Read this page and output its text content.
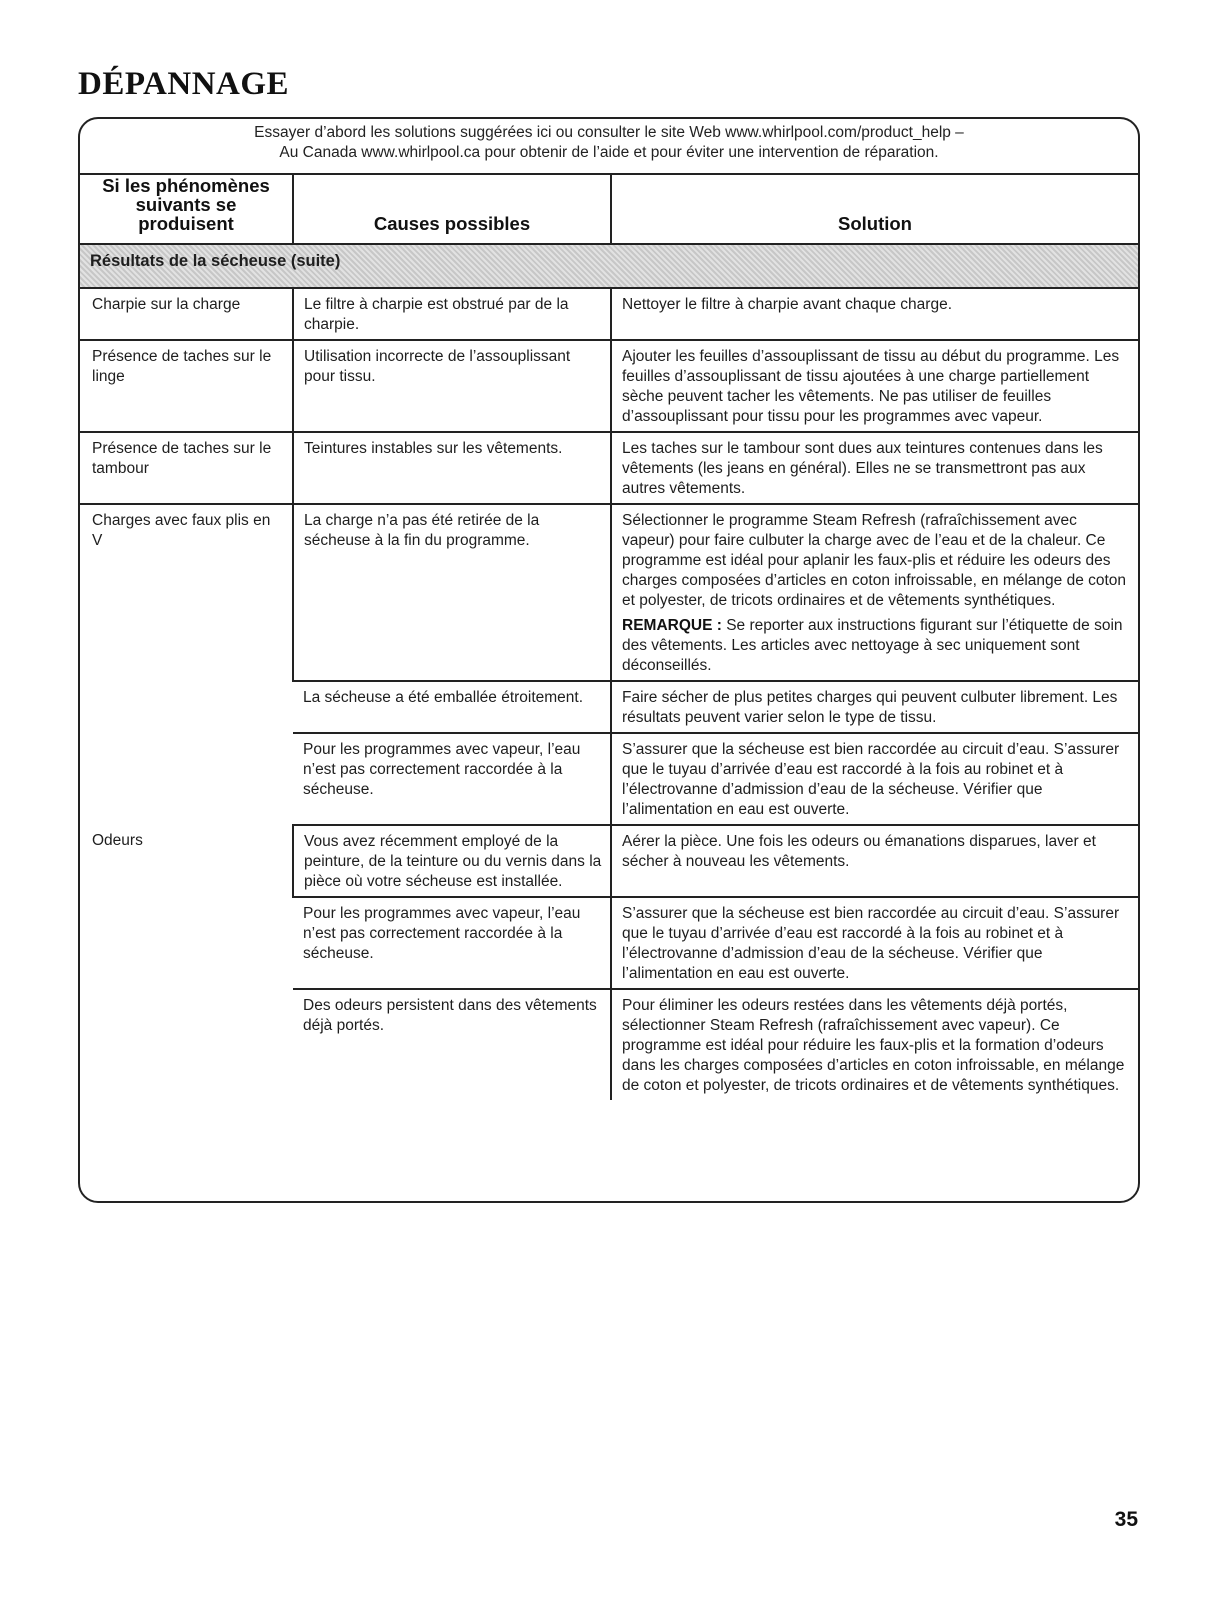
DÉPANNAGE
Essayer d’abord les solutions suggérées ici ou consulter le site Web www.whirlpool.com/product_help –
Au Canada www.whirlpool.ca pour obtenir de l’aide et pour éviter une intervention de réparation.
Si les phénomènes suivants se produisent	Causes possibles	Solution
Résultats de la sécheuse (suite)		
Charpie sur la charge	Le filtre à charpie est obstrué par de la charpie.	Nettoyer le filtre à charpie avant chaque charge.
Présence de taches sur le linge	Utilisation incorrecte de l’assouplissant pour tissu.	Ajouter les feuilles d’assouplissant de tissu au début du programme. Les feuilles d’assouplissant de tissu ajoutées à une charge partiellement sèche peuvent tacher les vêtements. Ne pas utiliser de feuilles d’assouplissant pour tissu pour les programmes avec vapeur.
Présence de taches sur le tambour	Teintures instables sur les vêtements.	Les taches sur le tambour sont dues aux teintures contenues dans les vêtements (les jeans en général). Elles ne se transmettront pas aux autres vêtements.
Charges avec faux plis en V	La charge n’a pas été retirée de la sécheuse à la fin du programme.	Sélectionner le programme Steam Refresh (rafraîchissement avec vapeur) pour faire culbuter la charge avec de l’eau et de la chaleur. Ce programme est idéal pour aplanir les faux-plis et réduire les odeurs des charges composées d’articles en coton infroissable, en mélange de coton et polyester, de tricots ordinaires et de vêtements synthétiques.

REMARQUE : Se reporter aux instructions figurant sur l’étiquette de soin des vêtements. Les articles avec nettoyage à sec uniquement sont déconseillés.

	La sécheuse a été emballée étroitement.	Faire sécher de plus petites charges qui peuvent culbuter librement. Les résultats peuvent varier selon le type de tissu.
	Pour les programmes avec vapeur, l’eau n’est pas correctement raccordée à la sécheuse.	S’assurer que la sécheuse est bien raccordée au circuit d’eau. S’assurer que le tuyau d’arrivée d’eau est raccordé à la fois au robinet et à l’électrovanne d’admission d’eau de la sécheuse. Vérifier que l’alimentation en eau est ouverte.
Odeurs	Vous avez récemment employé de la peinture, de la teinture ou du vernis dans la pièce où votre sécheuse est installée.	Aérer la pièce. Une fois les odeurs ou émanations disparues, laver et sécher à nouveau les vêtements.
	Pour les programmes avec vapeur, l’eau n’est pas correctement raccordée à la sécheuse.	S’assurer que la sécheuse est bien raccordée au circuit d’eau. S’assurer que le tuyau d’arrivée d’eau est raccordé à la fois au robinet et à l’électrovanne d’admission d’eau de la sécheuse. Vérifier que l’alimentation en eau est ouverte.
	Des odeurs persistent dans des vêtements déjà portés.	Pour éliminer les odeurs restées dans les vêtements déjà portés, sélectionner Steam Refresh (rafraîchissement avec vapeur). Ce programme est idéal pour réduire les faux-plis et la formation d’odeurs dans les charges composées d’articles en coton infroissable, en mélange de coton et polyester, de tricots ordinaires et de vêtements synthétiques.
35
